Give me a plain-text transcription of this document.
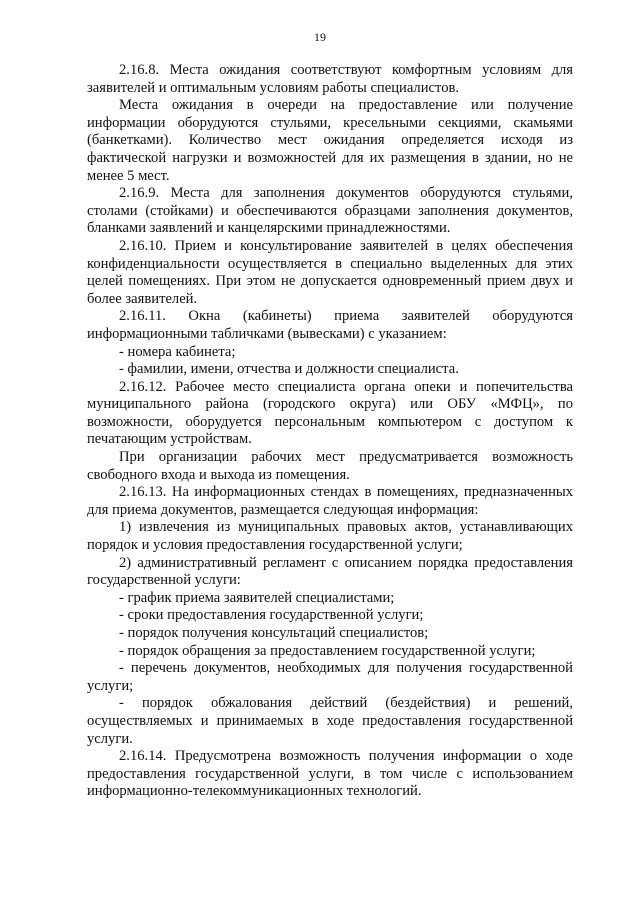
19

2.16.8. Места ожидания соответствуют комфортным условиям для заявителей и оптимальным условиям работы специалистов.

Места ожидания в очереди на предоставление или получение информации оборудуются стульями, кресельными секциями, скамьями (банкетками). Количество мест ожидания определяется исходя из фактической нагрузки и возможностей для их размещения в здании, но не менее 5 мест.

2.16.9. Места для заполнения документов оборудуются стульями, столами (стойками) и обеспечиваются образцами заполнения документов, бланками заявлений и канцелярскими принадлежностями.

2.16.10. Прием и консультирование заявителей в целях обеспечения конфиденциальности осуществляется в специально выделенных для этих целей помещениях. При этом не допускается одновременный прием двух и более заявителей.

2.16.11. Окна (кабинеты) приема заявителей оборудуются информационными табличками (вывесками) с указанием:

- номера кабинета;

- фамилии, имени, отчества и должности специалиста.

2.16.12. Рабочее место специалиста органа опеки и попечительства муниципального района (городского округа) или ОБУ «МФЦ», по возможности, оборудуется персональным компьютером с доступом к печатающим устройствам.

При организации рабочих мест предусматривается возможность свободного входа и выхода из помещения.

2.16.13. На информационных стендах в помещениях, предназначенных для приема документов, размещается следующая информация:

1) извлечения из муниципальных правовых актов, устанавливающих порядок и условия предоставления государственной услуги;

2) административный регламент с описанием порядка предоставления государственной услуги:

- график приема заявителей специалистами;

- сроки предоставления государственной услуги;

- порядок получения консультаций специалистов;

- порядок обращения за предоставлением государственной услуги;

- перечень документов, необходимых для получения государственной услуги;

- порядок обжалования действий (бездействия) и решений, осуществляемых и принимаемых в ходе предоставления государственной услуги.

2.16.14. Предусмотрена возможность получения информации о ходе предоставления государственной услуги, в том числе с использованием информационно-телекоммуникационных технологий.
